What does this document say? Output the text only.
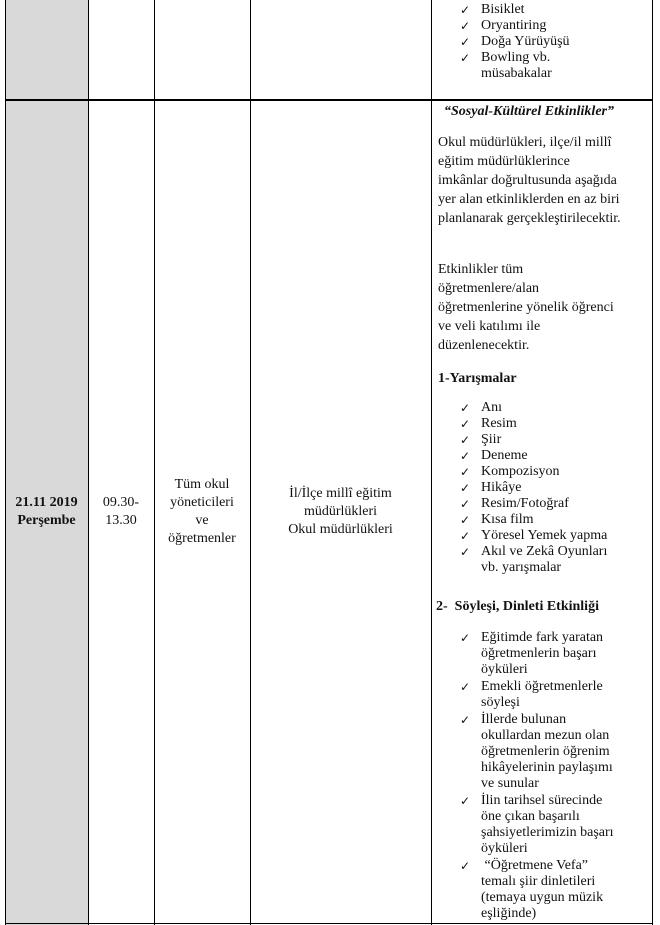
21.11 2019
Perşembe
09.30-
13.30
Tüm okul
yöneticileri
ve
öğretmenler
İl/İlçe millî eğitim
müdürlükleri
Okul müdürlükleri
✓ Bisiklet
✓ Oryantiring
✓ Doğa Yürüyüşü
✓ Bowling vb. müsabakalar
“Sosyal-Kültürel Etkinlikler”

Okul müdürlükleri, ilçe/il millî eğitim müdürlüklerince imkânlar doğrultusunda aşağıda yer alan etkinliklerden en az biri planlanarak gerçekleştirilecektir.

Etkinlikler tüm öğretmenlere/alan öğretmenlerine yönelik öğrenci ve veli katılımı ile düzenlenecektir.

1-Yarışmalar
✓ Anı
✓ Resim
✓ Şiir
✓ Deneme
✓ Kompozisyon
✓ Hikâye
✓ Resim/Fotoğraf
✓ Kısa film
✓ Yöresel Yemek yapma
✓ Akıl ve Zekâ Oyunları vb. yarışmalar
2-  Söyleşi, Dinleti Etkinliği
✓ Eğitimde fark yaratan öğretmenlerin başarı öyküleri
✓ Emekli öğretmenlerle söyleşi
✓ İllerde bulunan okullardan mezun olan öğretmenlerin öğrenim hikâyelerinin paylaşımı ve sunular
✓ İlin tarihsel sürecinde öne çıkan başarılı şahsiyetlerimizin başarı öyküleri
✓ “Öğretmene Vefa” temalı şiir dinletileri (temaya uygun müzik eşliğinde)
